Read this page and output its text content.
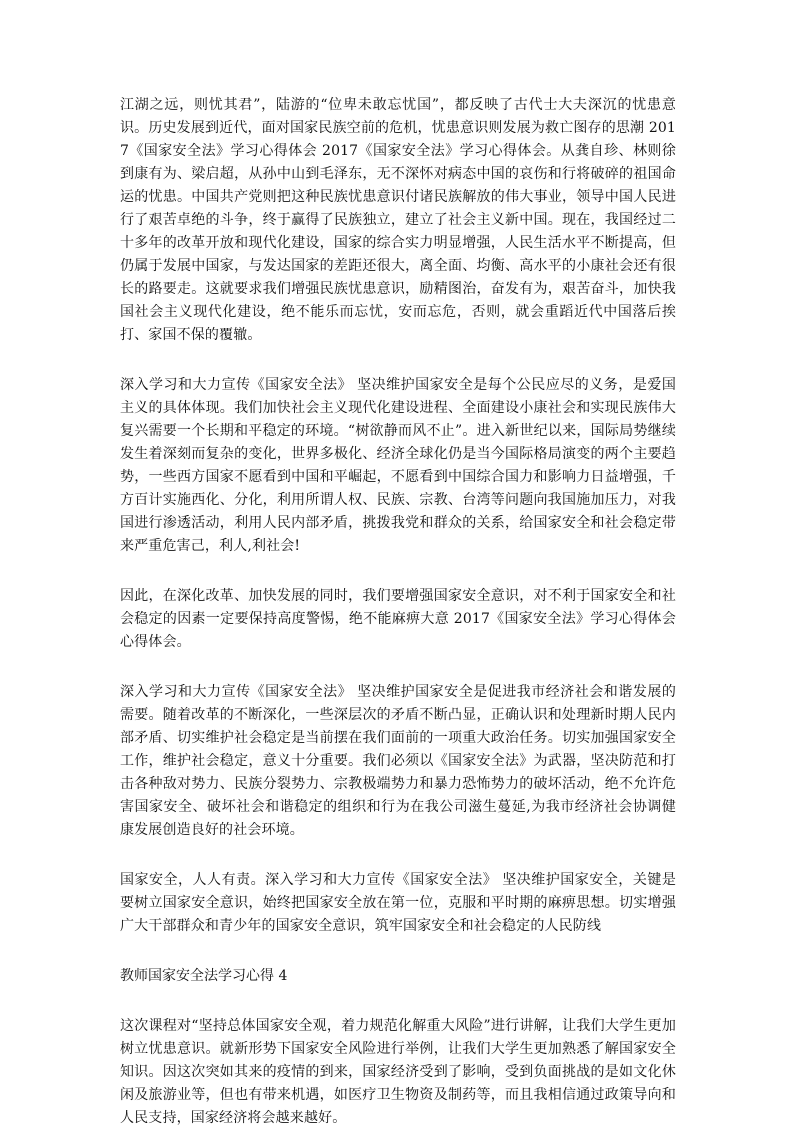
江湖之远，则忧其君”，陆游的“位卑未敢忘忧国”，都反映了古代士大夫深沉的忧患意识。历史发展到近代，面对国家民族空前的危机，忧患意识则发展为救亡图存的思潮 2017《国家安全法》学习心得体会 2017《国家安全法》学习心得体会。从龚自珍、林则徐到康有为、梁启超，从孙中山到毛泽东，无不深怀对病态中国的哀伤和行将破碎的祖国命运的忧患。中国共产党则把这种民族忧患意识付诸民族解放的伟大事业，领导中国人民进行了艰苦卓绝的斗争，终于赢得了民族独立，建立了社会主义新中国。现在，我国经过二十多年的改革开放和现代化建设，国家的综合实力明显增强，人民生活水平不断提高，但仍属于发展中国家，与发达国家的差距还很大，离全面、均衡、高水平的小康社会还有很长的路要走。这就要求我们增强民族忧患意识，励精图治，奋发有为，艰苦奋斗，加快我国社会主义现代化建设，绝不能乐而忘忧，安而忘危，否则，就会重蹈近代中国落后挨打、家国不保的覆辙。

深入学习和大力宣传《国家安全法》 坚决维护国家安全是每个公民应尽的义务，是爱国主义的具体体现。我们加快社会主义现代化建设进程、全面建设小康社会和实现民族伟大复兴需要一个长期和平稳定的环境。“树欲静而风不止”。进入新世纪以来，国际局势继续发生着深刻而复杂的变化，世界多极化、经济全球化仍是当今国际格局演变的两个主要趋势，一些西方国家不愿看到中国和平崛起，不愿看到中国综合国力和影响力日益增强，千方百计实施西化、分化，利用所谓人权、民族、宗教、台湾等问题向我国施加压力，对我国进行渗透活动，利用人民内部矛盾，挑拨我党和群众的关系，给国家安全和社会稳定带来严重危害己，利人,利社会!

因此，在深化改革、加快发展的同时，我们要增强国家安全意识，对不利于国家安全和社会稳定的因素一定要保持高度警惕，绝不能麻痹大意 2017《国家安全法》学习心得体会心得体会。

深入学习和大力宣传《国家安全法》 坚决维护国家安全是促进我市经济社会和谐发展的需要。随着改革的不断深化，一些深层次的矛盾不断凸显，正确认识和处理新时期人民内部矛盾、切实维护社会稳定是当前摆在我们面前的一项重大政治任务。切实加强国家安全工作，维护社会稳定，意义十分重要。我们必须以《国家安全法》为武器，坚决防范和打击各种敌对势力、民族分裂势力、宗教极端势力和暴力恐怖势力的破坏活动，绝不允许危害国家安全、破坏社会和谐稳定的组织和行为在我公司滋生蔓延,为我市经济社会协调健康发展创造良好的社会环境。

国家安全，人人有责。深入学习和大力宣传《国家安全法》 坚决维护国家安全，关键是要树立国家安全意识，始终把国家安全放在第一位，克服和平时期的麻痹思想。切实增强广大干部群众和青少年的国家安全意识，筑牢国家安全和社会稳定的人民防线

教师国家安全法学习心得 4

这次课程对“坚持总体国家安全观，着力规范化解重大风险”进行讲解，让我们大学生更加树立忧患意识。就新形势下国家安全风险进行举例，让我们大学生更加熟悉了解国家安全知识。因这次突如其来的疫情的到来，国家经济受到了影响，受到负面挑战的是如文化休闲及旅游业等，但也有带来机遇，如医疗卫生物资及制药等，而且我相信通过政策导向和人民支持，国家经济将会越来越好。
